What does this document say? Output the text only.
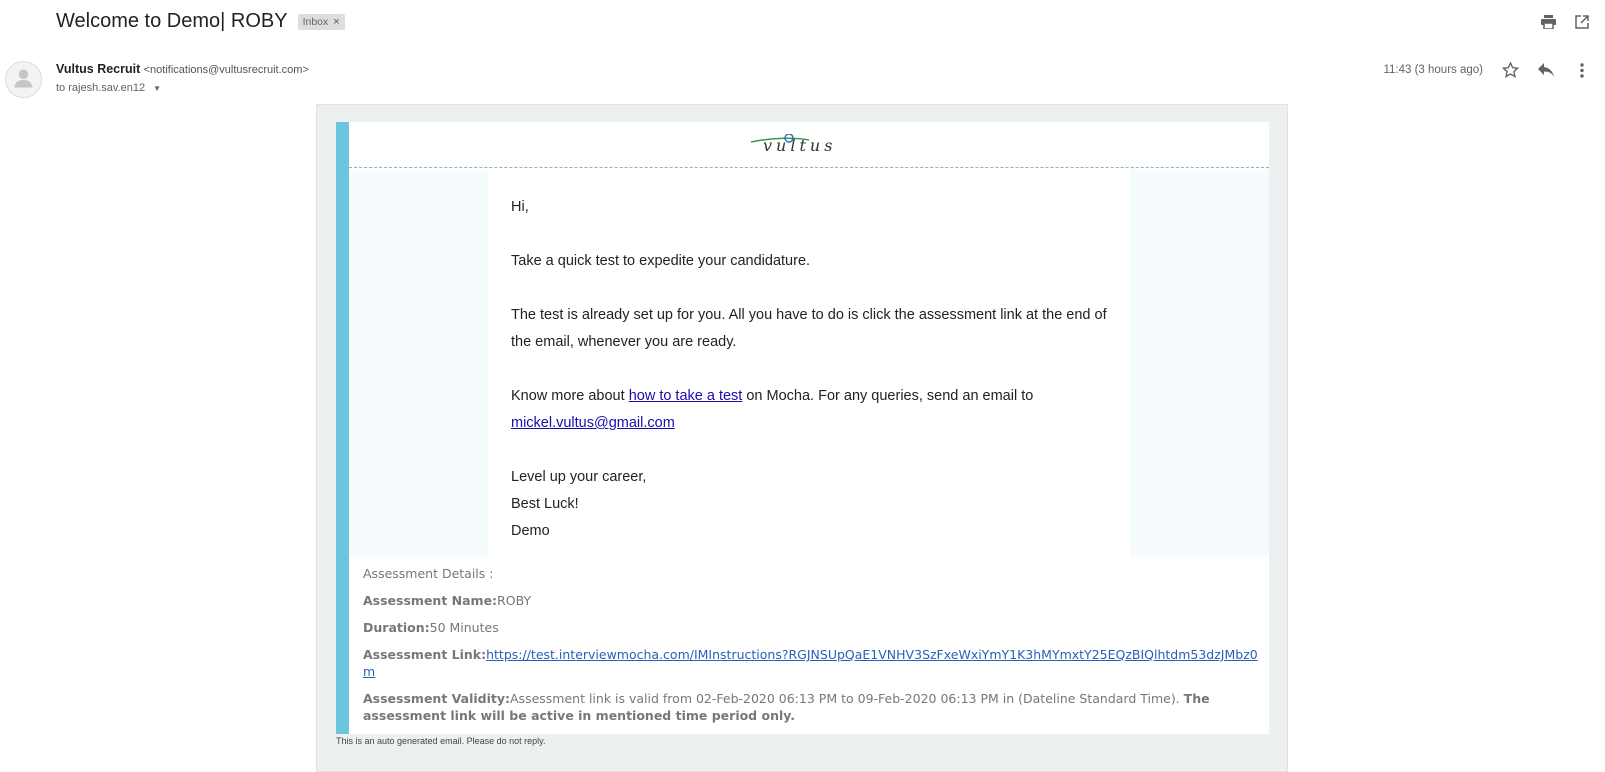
Welcome to Demo| ROBY Inbox ×
Vultus Recruit <notifications@vultusrecruit.com>
to rajesh.sav.en12 ▼
11:43 (3 hours ago)
vultus

Hi,

Take a quick test to expedite your candidature.

The test is already set up for you. All you have to do is click the assessment link at the end of the email, whenever you are ready.

Know more about how to take a test on Mocha. For any queries, send an email to
mickel.vultus@gmail.com

Level up your career,

Best Luck!

Demo

Assessment Details :
Assessment Name:ROBY
Duration:50 Minutes
Assessment Link:https://test.interviewmocha.com/IMInstructions?RGJNSUpQaE1VNHV3SzFxeWxiYmY1K3hMYmxtY25EQzBIQlhtdm53dzJMbz0m
Assessment Validity:Assessment link is valid from 02-Feb-2020 06:13 PM to 09-Feb-2020 06:13 PM in (Dateline Standard Time). The assessment link will be active in mentioned time period only.
This is an auto generated email. Please do not reply.
